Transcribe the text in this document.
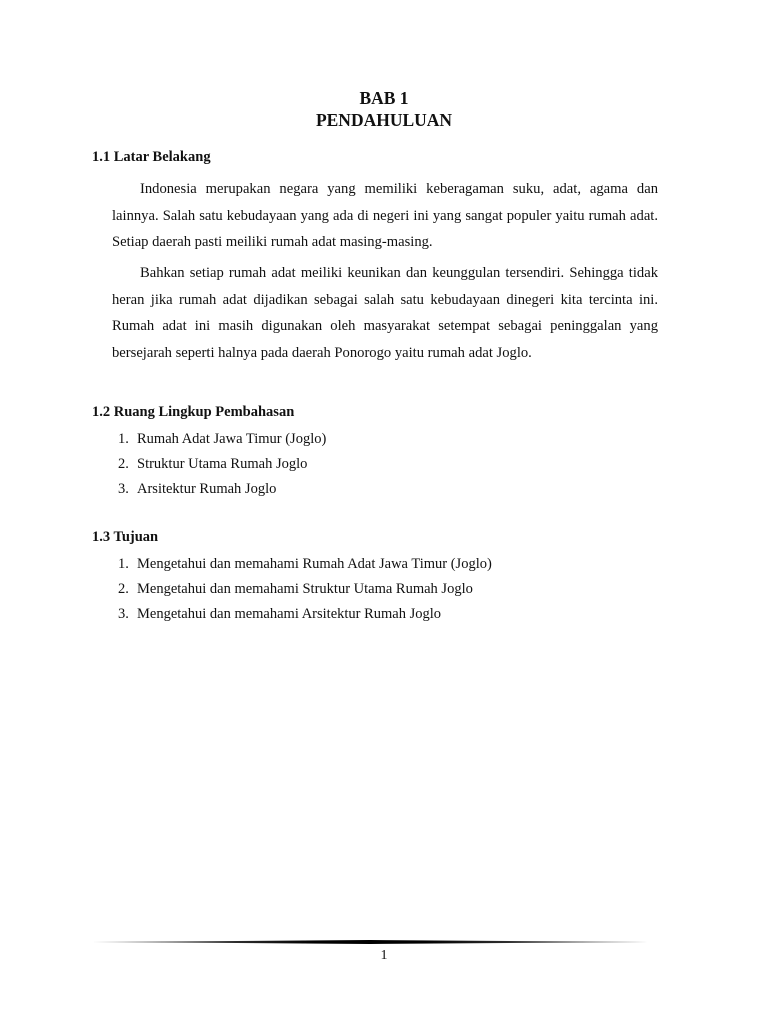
BAB 1
PENDAHULUAN
1.1 Latar Belakang
Indonesia merupakan negara yang memiliki keberagaman suku, adat, agama dan lainnya. Salah satu kebudayaan yang ada di negeri ini yang sangat populer yaitu rumah adat. Setiap daerah pasti meiliki rumah adat masing-masing.
Bahkan setiap rumah adat meiliki keunikan dan keunggulan tersendiri. Sehingga tidak heran jika rumah adat dijadikan sebagai salah satu kebudayaan dinegeri kita tercinta ini. Rumah adat ini masih digunakan oleh masyarakat setempat sebagai peninggalan yang bersejarah seperti halnya pada daerah Ponorogo yaitu rumah adat Joglo.
1.2 Ruang Lingkup Pembahasan
1. Rumah Adat Jawa Timur (Joglo)
2. Struktur Utama Rumah Joglo
3. Arsitektur Rumah Joglo
1.3 Tujuan
1. Mengetahui dan memahami Rumah Adat Jawa Timur (Joglo)
2. Mengetahui dan memahami Struktur Utama Rumah Joglo
3. Mengetahui dan memahami Arsitektur Rumah Joglo
1
